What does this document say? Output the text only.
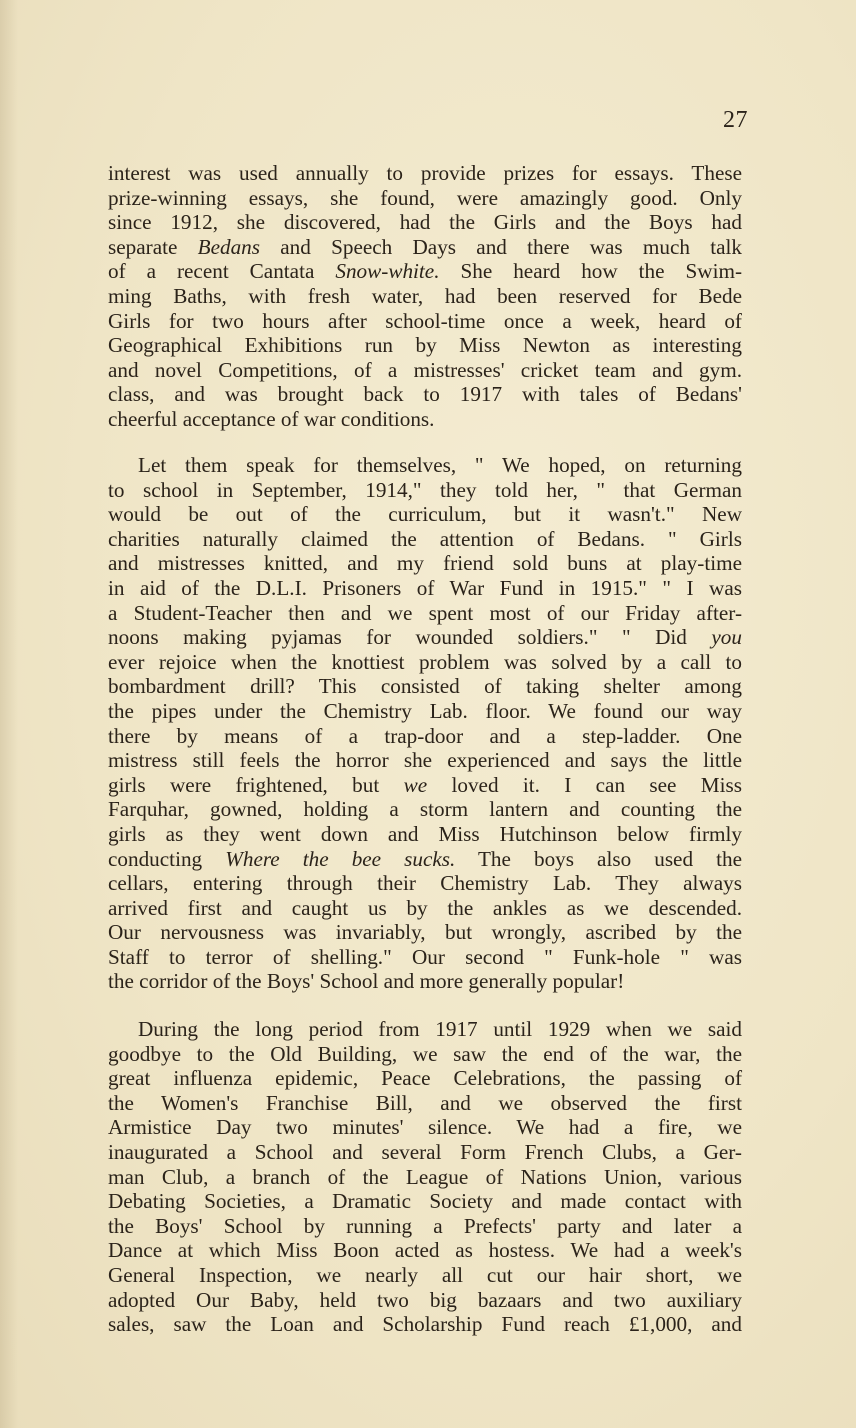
27
interest was used annually to provide prizes for essays. These
prize-winning essays, she found, were amazingly good. Only
since 1912, she discovered, had the Girls and the Boys had
separate Bedans and Speech Days and there was much talk
of a recent Cantata Snow-white. She heard how the Swim-
ming Baths, with fresh water, had been reserved for Bede
Girls for two hours after school-time once a week, heard of
Geographical Exhibitions run by Miss Newton as interesting
and novel Competitions, of a mistresses' cricket team and gym.
class, and was brought back to 1917 with tales of Bedans'
cheerful acceptance of war conditions.
Let them speak for themselves, " We hoped, on returning
to school in September, 1914," they told her, " that German
would be out of the curriculum, but it wasn't." New
charities naturally claimed the attention of Bedans. " Girls
and mistresses knitted, and my friend sold buns at play-time
in aid of the D.L.I. Prisoners of War Fund in 1915." " I was
a Student-Teacher then and we spent most of our Friday after-
noons making pyjamas for wounded soldiers." " Did you
ever rejoice when the knottiest problem was solved by a call to
bombardment drill? This consisted of taking shelter among
the pipes under the Chemistry Lab. floor. We found our way
there by means of a trap-door and a step-ladder. One
mistress still feels the horror she experienced and says the little
girls were frightened, but we loved it. I can see Miss
Farquhar, gowned, holding a storm lantern and counting the
girls as they went down and Miss Hutchinson below firmly
conducting Where the bee sucks. The boys also used the
cellars, entering through their Chemistry Lab. They always
arrived first and caught us by the ankles as we descended.
Our nervousness was invariably, but wrongly, ascribed by the
Staff to terror of shelling." Our second " Funk-hole " was
the corridor of the Boys' School and more generally popular!
During the long period from 1917 until 1929 when we said
goodbye to the Old Building, we saw the end of the war, the
great influenza epidemic, Peace Celebrations, the passing of
the Women's Franchise Bill, and we observed the first
Armistice Day two minutes' silence. We had a fire, we
inaugurated a School and several Form French Clubs, a Ger-
man Club, a branch of the League of Nations Union, various
Debating Societies, a Dramatic Society and made contact with
the Boys' School by running a Prefects' party and later a
Dance at which Miss Boon acted as hostess. We had a week's
General Inspection, we nearly all cut our hair short, we
adopted Our Baby, held two big bazaars and two auxiliary
sales, saw the Loan and Scholarship Fund reach £1,000, and
